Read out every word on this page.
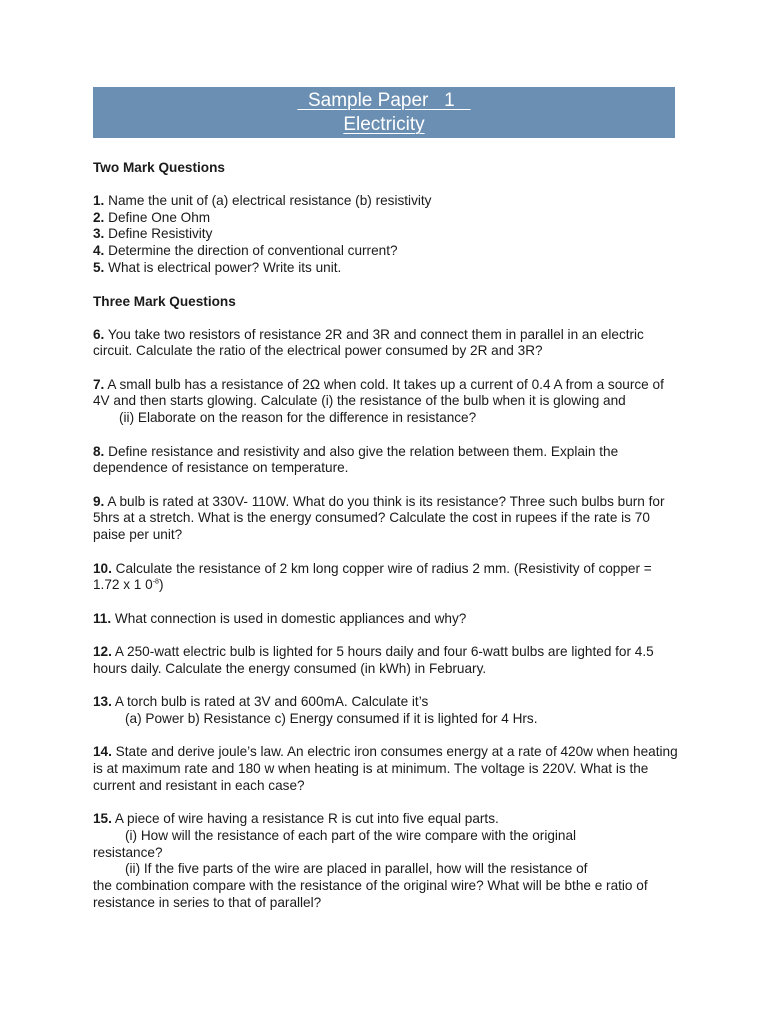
Sample Paper   1
Electricity
Two Mark Questions
1. Name the unit of (a) electrical resistance (b) resistivity
2. Define One Ohm
3. Define Resistivity
4. Determine the direction of conventional current?
5. What is electrical power? Write its unit.
Three Mark Questions
6. You take two resistors of resistance 2R and 3R and connect them in parallel in an electric circuit. Calculate the ratio of the electrical power consumed by 2R and 3R?
7. A small bulb has a resistance of 2Ω when cold. It takes up a current of 0.4 A from a source of 4V and then starts glowing. Calculate (i) the resistance of the bulb when it is glowing and
(ii) Elaborate on the reason for the difference in resistance?
8. Define resistance and resistivity and also give the relation between them. Explain the dependence of resistance on temperature.
9. A bulb is rated at 330V- 110W. What do you think is its resistance? Three such bulbs burn for 5hrs at a stretch. What is the energy consumed? Calculate the cost in rupees if the rate is 70 paise per unit?
10. Calculate the resistance of 2 km long copper wire of radius 2 mm. (Resistivity of copper = 1.72 x 1 $0^{-8}$)
11. What connection is used in domestic appliances and why?
12. A 250-watt electric bulb is lighted for 5 hours daily and four 6-watt bulbs are lighted for 4.5 hours daily. Calculate the energy consumed (in kWh) in February.
13. A torch bulb is rated at 3V and 600mA. Calculate it’s
(a) Power b) Resistance c) Energy consumed if it is lighted for 4 Hrs.
14. State and derive joule’s law. An electric iron consumes energy at a rate of 420w when heating is at maximum rate and 180 w when heating is at minimum. The voltage is 220V. What is the current and resistant in each case?
15. A piece of wire having a resistance R is cut into five equal parts.
(i) How will the resistance of each part of the wire compare with the original
resistance?
(ii) If the five parts of the wire are placed in parallel, how will the resistance of
the combination compare with the resistance of the original wire? What will be bthe e ratio of resistance in series to that of parallel?
